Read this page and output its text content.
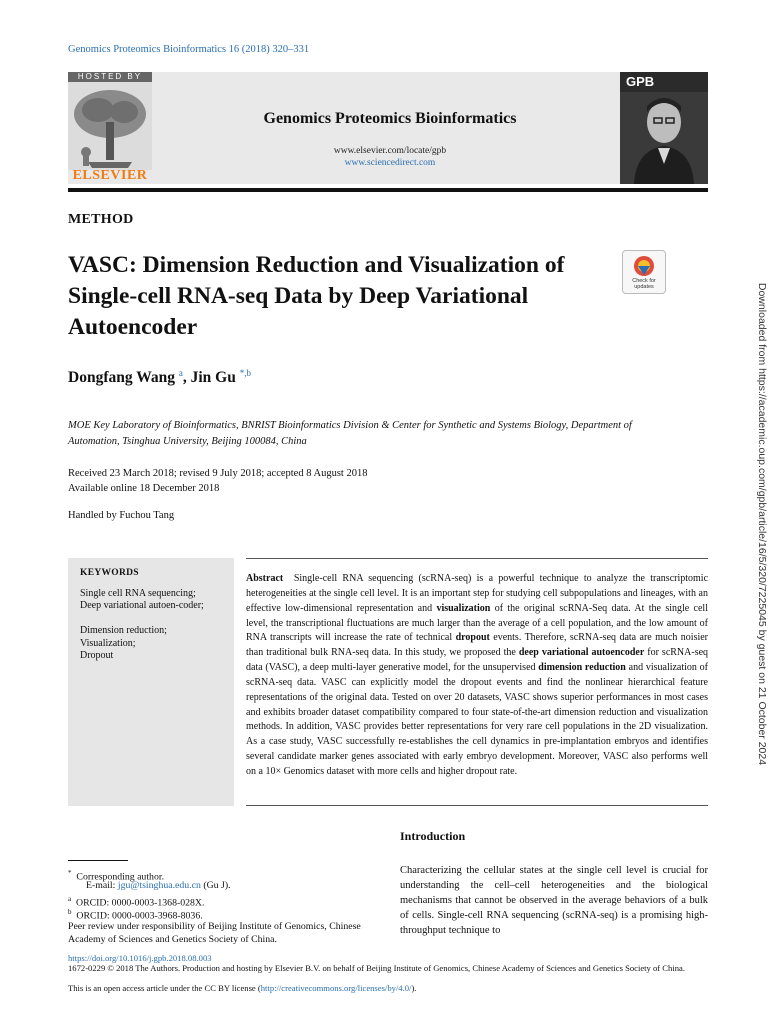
Genomics Proteomics Bioinformatics 16 (2018) 320–331
HOSTED BY
ELSEVIER
Genomics Proteomics Bioinformatics
www.elsevier.com/locate/gpb
www.sciencedirect.com
GPB
METHOD
VASC: Dimension Reduction and Visualization of Single-cell RNA-seq Data by Deep Variational Autoencoder
Check for updates
Dongfang Wang $^a$, Jin Gu $^{*,b}$
MOE Key Laboratory of Bioinformatics, BNRIST Bioinformatics Division & Center for Synthetic and Systems Biology, Department of Automation, Tsinghua University, Beijing 100084, China
Received 23 March 2018; revised 9 July 2018; accepted 8 August 2018
Available online 18 December 2018
Handled by Fuchou Tang
KEYWORDS
Single cell RNA sequencing;
Deep variational autoen-coder;
Dimension reduction;
Visualization;
Dropout
Abstract Single-cell RNA sequencing (scRNA-seq) is a powerful technique to analyze the transcriptomic heterogeneities at the single cell level. It is an important step for studying cell subpopulations and lineages, with an effective low-dimensional representation and visualization of the original scRNA-Seq data. At the single cell level, the transcriptional fluctuations are much larger than the average of a cell population, and the low amount of RNA transcripts will increase the rate of technical dropout events. Therefore, scRNA-seq data are much noisier than traditional bulk RNA-seq data. In this study, we proposed the deep variational autoencoder for scRNA-seq data (VASC), a deep multi-layer generative model, for the unsupervised dimension reduction and visualization of scRNA-seq data. VASC can explicitly model the dropout events and find the nonlinear hierarchical feature representations of the original data. Tested on over 20 datasets, VASC shows superior performances in most cases and exhibits broader dataset compatibility compared to four state-of-the-art dimension reduction and visualization methods. In addition, VASC provides better representations for very rare cell populations in the 2D visualization. As a case study, VASC successfully re-establishes the cell dynamics in pre-implantation embryos and identifies several candidate marker genes associated with early embryo development. Moreover, VASC also performs well on a 10× Genomics dataset with more cells and higher dropout rate.
Introduction
Characterizing the cellular states at the single cell level is crucial for understanding the cell–cell heterogeneities and the biological mechanisms that cannot be observed in the average behaviors of a bulk of cells. Single-cell RNA sequencing (scRNA-seq) is a promising high-throughput technique to
* Corresponding author.
E-mail: jgu@tsinghua.edu.cn (Gu J).
$^a$ ORCID: 0000-0003-1368-028X.
$^b$ ORCID: 0000-0003-3968-8036.
Peer review under responsibility of Beijing Institute of Genomics, Chinese Academy of Sciences and Genetics Society of China.
https://doi.org/10.1016/j.gpb.2018.08.003
1672-0229 © 2018 The Authors. Production and hosting by Elsevier B.V. on behalf of Beijing Institute of Genomics, Chinese Academy of Sciences and Genetics Society of China.
This is an open access article under the CC BY license (http://creativecommons.org/licenses/by/4.0/).
Downloaded from https://academic.oup.com/gpb/article/16/5/320/7225045 by guest on 21 October 2024
